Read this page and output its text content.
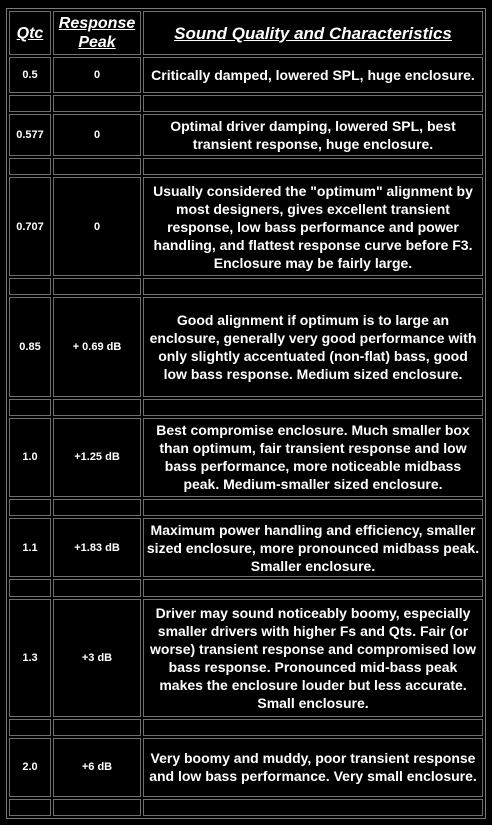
Qtc	Response Peak	Sound Quality and Characteristics
0.5	0	Critically damped, lowered SPL, huge enclosure.

0.577	0	Optimal driver damping, lowered SPL, best transient response, huge enclosure.

0.707	0	Usually considered the "optimum" alignment by most designers, gives excellent transient response, low bass performance and power handling, and flattest response curve before F3. Enclosure may be fairly large.

0.85	+ 0.69 dB	Good alignment if optimum is to large an enclosure, generally very good performance with only slightly accentuated (non-flat) bass, good low bass response. Medium sized enclosure.

1.0	+1.25 dB	Best compromise enclosure. Much smaller box than optimum, fair transient response and low bass performance, more noticeable midbass peak. Medium-smaller sized enclosure.

1.1	+1.83 dB	Maximum power handling and efficiency, smaller sized enclosure, more pronounced midbass peak. Smaller enclosure.

1.3	+3 dB	Driver may sound noticeably boomy, especially smaller drivers with higher Fs and Qts. Fair (or worse) transient response and compromised low bass response. Pronounced mid-bass peak makes the enclosure louder but less accurate. Small enclosure.

2.0	+6 dB	Very boomy and muddy, poor transient response and low bass performance. Very small enclosure.
